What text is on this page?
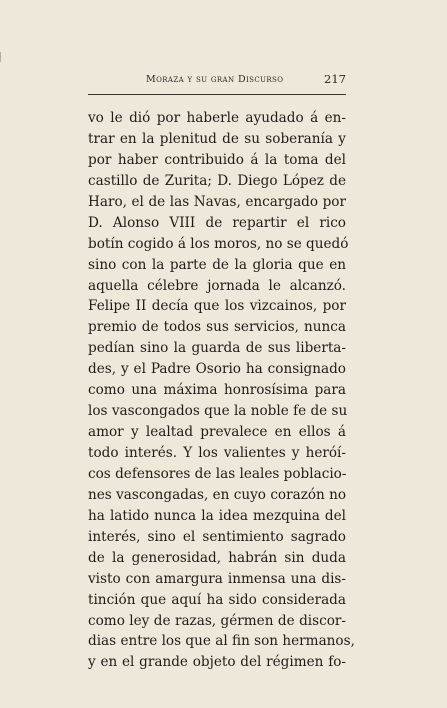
Moraza y su gran Discurso	217
vo le dió por haberle ayudado á en-
trar en la plenitud de su soberanía y
por haber contribuido á la toma del
castillo de Zurita; D. Diego López de
Haro, el de las Navas, encargado por
D. Alonso VIII de repartir el rico
botín cogido á los moros, no se quedó
sino con la parte de la gloria que en
aquella célebre jornada le alcanzó.
Felipe II decía que los vizcainos, por
premio de todos sus servicios, nunca
pedían sino la guarda de sus liberta-
des, y el Padre Osorio ha consignado
como una máxima honrosísima para
los vascongados que la noble fe de su
amor y lealtad prevalece en ellos á
todo interés. Y los valientes y heróí-
cos defensores de las leales poblacio-
nes vascongadas, en cuyo corazón no
ha latido nunca la idea mezquina del
interés, sino el sentimiento sagrado
de la generosidad, habrán sin duda
visto con amargura inmensa una dis-
tinción que aquí ha sido considerada
como ley de razas, gérmen de discor-
dias entre los que al fin son hermanos,
y en el grande objeto del régimen fo-
